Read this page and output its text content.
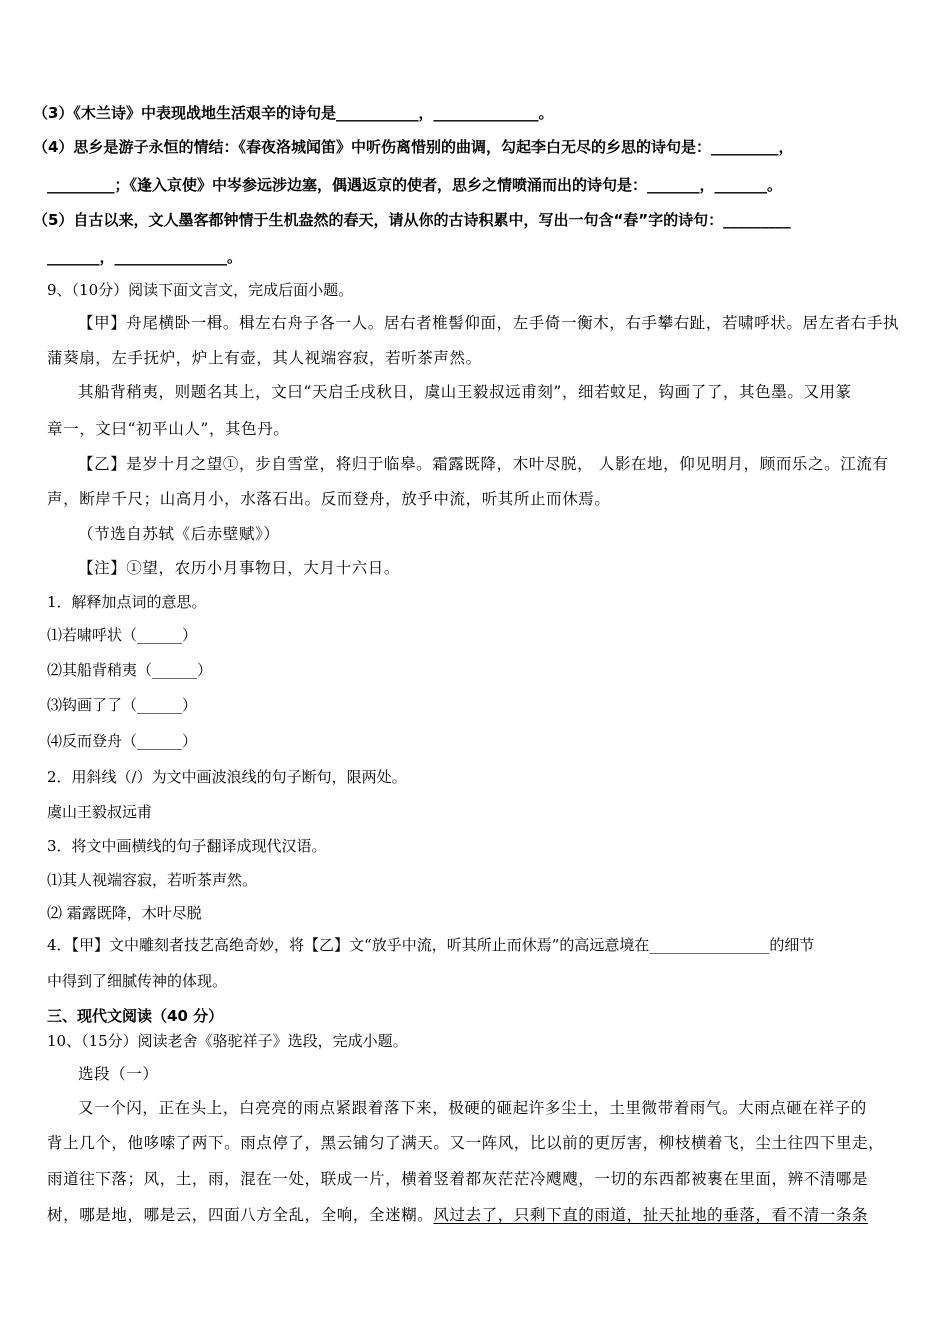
（3）《木兰诗》中表现战地生活艰辛的诗句是___________，______________。
（4）思乡是游子永恒的情结：《春夜洛城闻笛》中听伤离惜别的曲调，勾起李白无尽的乡思的诗句是：_________，
_________；《逢入京使》中岑参远涉边塞，偶遇返京的使者，思乡之情喷涌而出的诗句是：_______，_______。
（5）自古以来，文人墨客都钟情于生机盎然的春天，请从你的古诗积累中，写出一句含“春”字的诗句：_________
_______，_______________。
9、（10分）阅读下面文言文，完成后面小题。
【甲】舟尾横卧一楫。楫左右舟子各一人。居右者椎髻仰面，左手倚一衡木，右手攀右趾，若啸呼状。居左者右手执
蒲葵扇，左手抚炉，炉上有壶，其人视端容寂，若听茶声然。
其船背稍夷，则题名其上，文曰“天启壬戌秋日，虞山王毅叔远甫刻”，细若蚊足，钩画了了，其色墨。又用篆
章一，文曰“初平山人”，其色丹。
【乙】是岁十月之望①，步自雪堂，将归于临皋。霜露既降，木叶尽脱， 人影在地，仰见明月，顾而乐之。江流有
声，断岸千尺；山高月小，水落石出。反而登舟，放乎中流，听其所止而休焉。
（节选自苏轼《后赤壁赋》）
【注】①望，农历小月事物日，大月十六日。
1．解释加点词的意思。
⑴若啸呼状（______）
⑵其船背稍夷（______）
⑶钩画了了（______）
⑷反而登舟（______）
2．用斜线（/）为文中画波浪线的句子断句，限两处。
虞山王毅叔远甫
3．将文中画横线的句子翻译成现代汉语。
⑴其人视端容寂，若听茶声然。
⑵ 霜露既降，木叶尽脱
4．【甲】文中雕刻者技艺高绝奇妙，将【乙】文“放乎中流，听其所止而休焉”的高远意境在________________的细节
中得到了细腻传神的体现。
三、现代文阅读（40 分）
10、（15分）阅读老舍《骆驼祥子》选段，完成小题。
选段（一）
又一个闪，正在头上，白亮亮的雨点紧跟着落下来，极硬的砸起许多尘土，土里微带着雨气。大雨点砸在祥子的
背上几个，他哆嗦了两下。雨点停了，黑云铺匀了满天。又一阵风，比以前的更厉害，柳枝横着飞，尘土往四下里走，
雨道往下落；风，土，雨，混在一处，联成一片，横着竖着都灰茫茫冷飕飕，一切的东西都被裹在里面，辨不清哪是
树，哪是地，哪是云，四面八方全乱，全响，全迷糊。风过去了，只剩下直的雨道，扯天扯地的垂落，看不清一条条
